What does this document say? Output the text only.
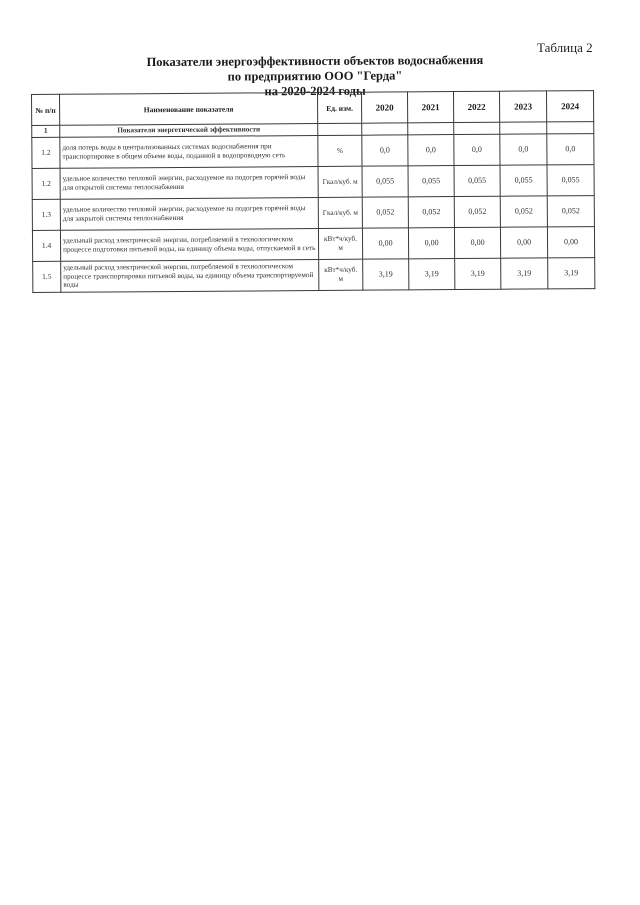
Таблица 2
Показатели энергоэффективности объектов водоснабжения
по предприятию ООО "Герда"
на 2020-2024 годы
№ п/п	Наименование показателя	Ед. изм.	2020	2021	2022	2023	2024
1	Показатели энергетической эффективности						
1.2	доля потерь воды в централизованных системах водоснабжения при транспортировке в общем объеме воды, поданной в водопроводную сеть	%	0,0	0,0	0,0	0,0	0,0
1.2	удельное количество тепловой энергии, расходуемое на подогрев горячей воды для открытой системы теплоснабжения	Гкал/куб. м	0,055	0,055	0,055	0,055	0,055
1.3	удельное количество тепловой энергии, расходуемое на подогрев горячей воды для закрытой системы теплоснабжения	Гкал/куб. м	0,052	0,052	0,052	0,052	0,052
1.4	удельный расход электрической энергии, потребляемой в технологическом процессе подготовки питьевой воды, на единицу объема воды, отпускаемой в сеть	кВт*ч/куб. м	0,00	0,00	0,00	0,00	0,00
1.5	удельный расход электрической энергии, потребляемой в технологическом процессе транспортировки питьевой воды, на единицу объема транспортируемой воды	кВт*ч/куб. м	3,19	3,19	3,19	3,19	3,19
